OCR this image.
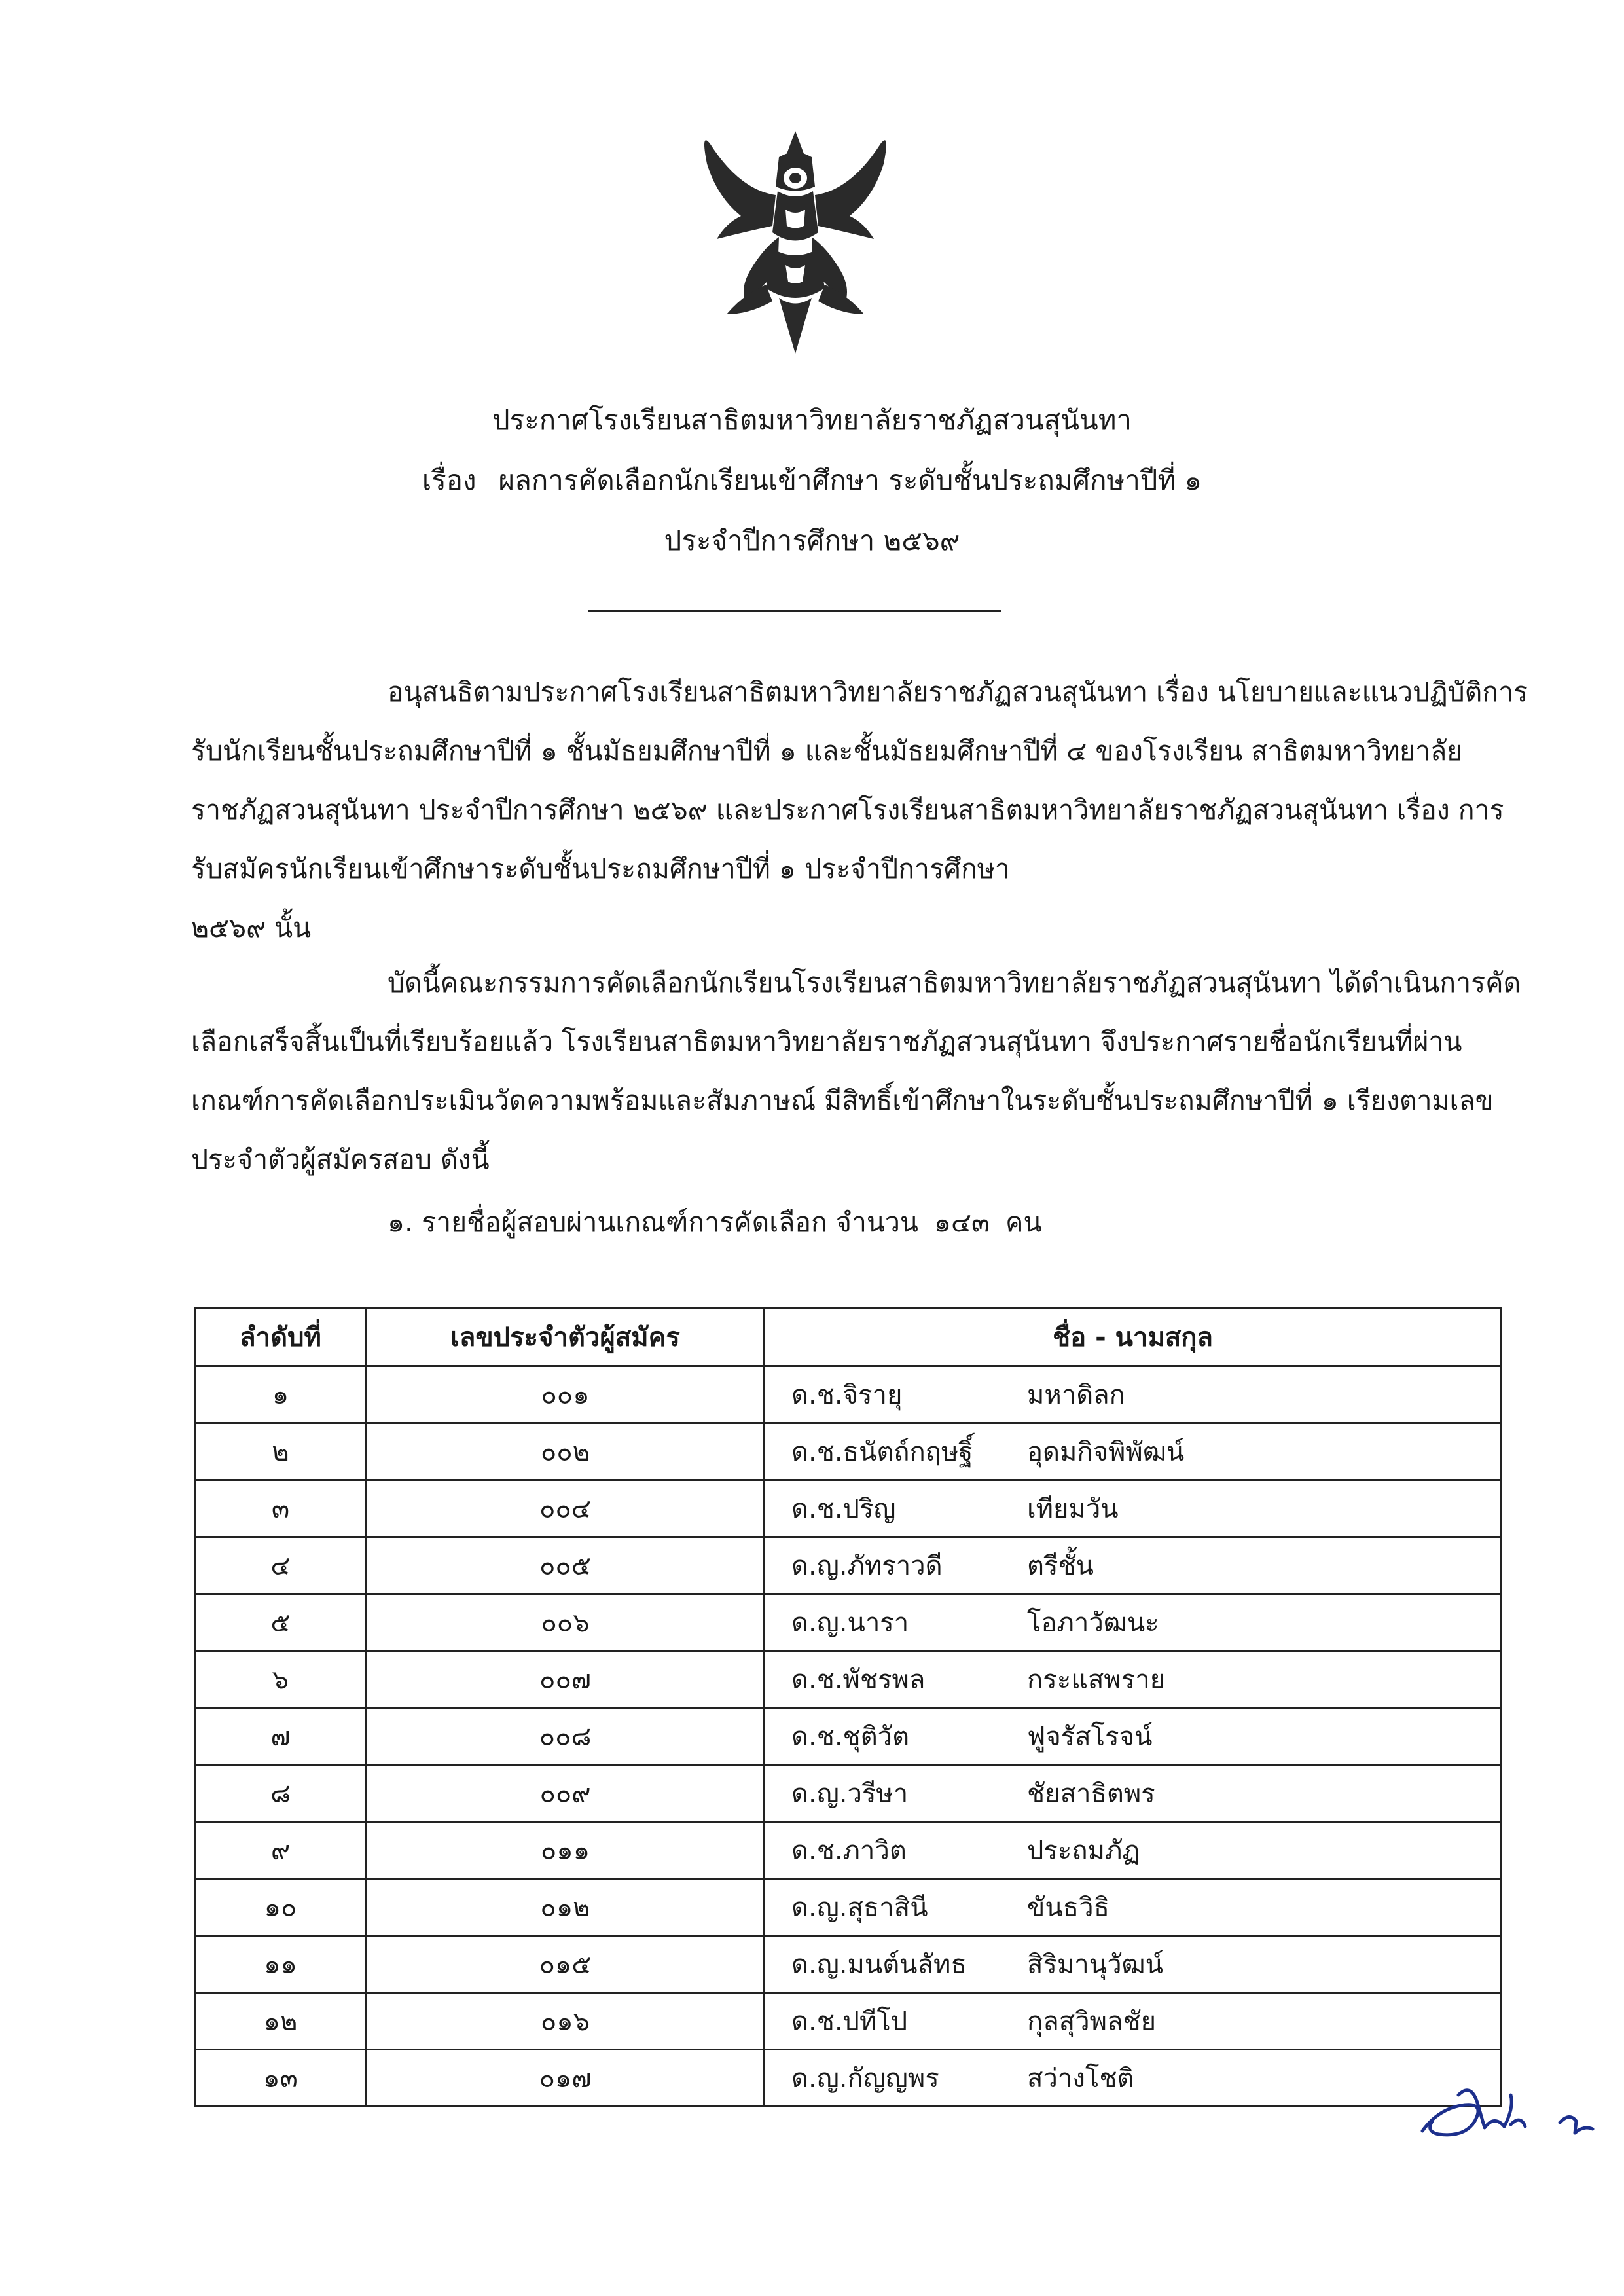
ประกาศโรงเรียนสาธิตมหาวิทยาลัยราชภัฏสวนสุนันทา
เรื่อง ผลการคัดเลือกนักเรียนเข้าศึกษา ระดับชั้นประถมศึกษาปีที่ ๑
ประจำปีการศึกษา ๒๕๖๙

อนุสนธิตามประกาศโรงเรียนสาธิตมหาวิทยาลัยราชภัฏสวนสุนันทา เรื่อง นโยบายและแนวปฏิบัติการ

รับนักเรียนชั้นประถมศึกษาปีที่ ๑ ชั้นมัธยมศึกษาปีที่ ๑ และชั้นมัธยมศึกษาปีที่ ๔ ของโรงเรียน สาธิตมหาวิทยาลัย

ราชภัฏสวนสุนันทา ประจำปีการศึกษา ๒๕๖๙ และประกาศโรงเรียนสาธิตมหาวิทยาลัยราชภัฏสวนสุนันทา เรื่อง การ

รับสมัครนักเรียนเข้าศึกษาระดับชั้นประถมศึกษาปีที่ ๑ ประจำปีการศึกษา

๒๕๖๙ นั้น

บัดนี้คณะกรรมการคัดเลือกนักเรียนโรงเรียนสาธิตมหาวิทยาลัยราชภัฏสวนสุนันทา ได้ดำเนินการคัด

เลือกเสร็จสิ้นเป็นที่เรียบร้อยแล้ว โรงเรียนสาธิตมหาวิทยาลัยราชภัฏสวนสุนันทา จึงประกาศรายชื่อนักเรียนที่ผ่าน

เกณฑ์การคัดเลือกประเมินวัดความพร้อมและสัมภาษณ์ มีสิทธิ์เข้าศึกษาในระดับชั้นประถมศึกษาปีที่ ๑ เรียงตามเลข

ประจำตัวผู้สมัครสอบ ดังนี้

๑. รายชื่อผู้สอบผ่านเกณฑ์การคัดเลือก จำนวน ๑๔๓ คน
ลำดับที่	เลขประจำตัวผู้สมัคร	ชื่อ - นามสกุล
๑	๐๐๑	ด.ช.จิรายุ มหาดิลก
๒	๐๐๒	ด.ช.ธนัตถ์กฤษฐิ์ อุดมกิจพิพัฒน์
๓	๐๐๔	ด.ช.ปริญ เทียมวัน
๔	๐๐๕	ด.ญ.ภัทราวดี ตรีชั้น
๕	๐๐๖	ด.ญ.นารา โอภาวัฒนะ
๖	๐๐๗	ด.ช.พัชรพล กระแสพราย
๗	๐๐๘	ด.ช.ชุติวัต ฟูจรัสโรจน์
๘	๐๐๙	ด.ญ.วรีษา ชัยสาธิตพร
๙	๐๑๑	ด.ช.ภาวิต ประถมภัฏ
๑๐	๐๑๒	ด.ญ.สุธาสินี ขันธวิธิ
๑๑	๐๑๕	ด.ญ.มนต์นลัทธ สิริมานุวัฒน์
๑๒	๐๑๖	ด.ช.ปทีโป กุลสุวิพลชัย
๑๓	๐๑๗	ด.ญ.กัญญพร สว่างโชติ
